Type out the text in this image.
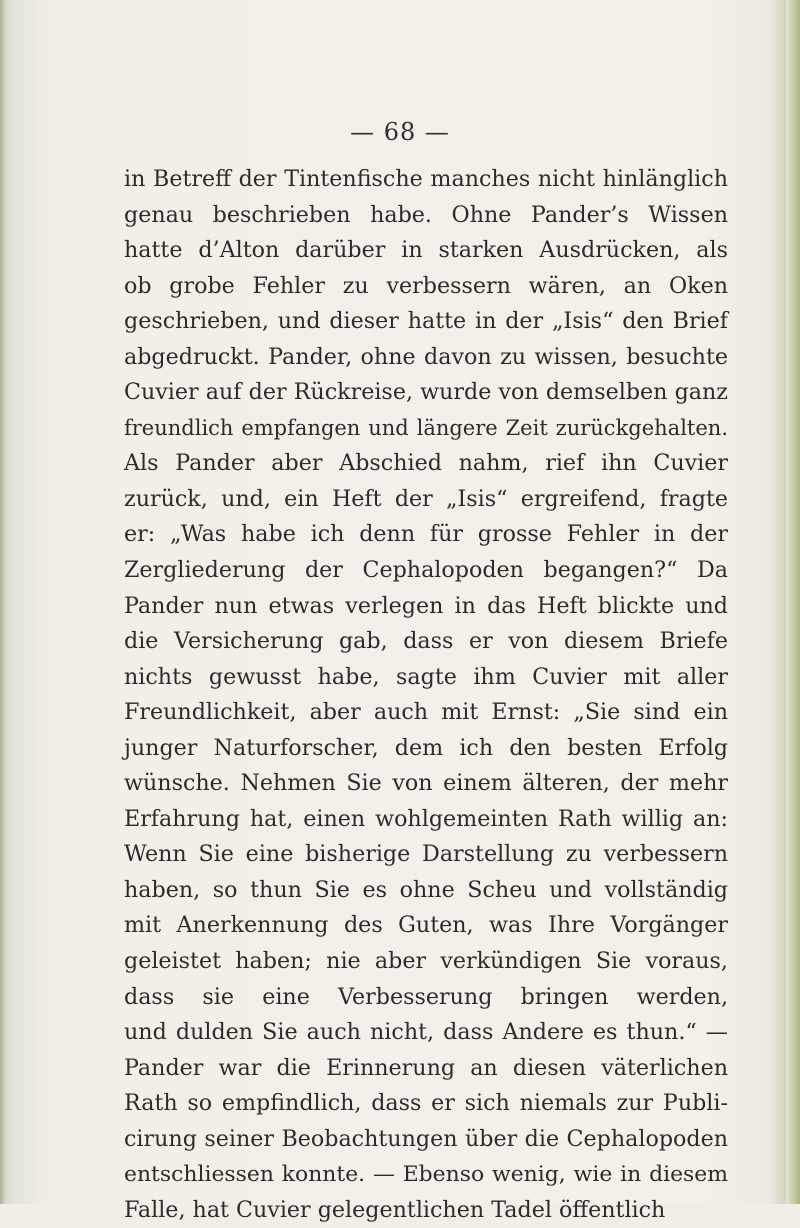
— 68 —
in Betreff der Tintenfische manches nicht hinlänglich
genau beschrieben habe. Ohne Pander’s Wissen
hatte d’Alton darüber in starken Ausdrücken, als
ob grobe Fehler zu verbessern wären, an Oken
geschrieben, und dieser hatte in der „Isis“ den Brief
abgedruckt. Pander, ohne davon zu wissen, besuchte
Cuvier auf der Rückreise, wurde von demselben ganz
freundlich empfangen und längere Zeit zurückgehalten.
Als Pander aber Abschied nahm, rief ihn Cuvier
zurück, und, ein Heft der „Isis“ ergreifend, fragte
er: „Was habe ich denn für grosse Fehler in der
Zergliederung der Cephalopoden begangen?“ Da
Pander nun etwas verlegen in das Heft blickte und
die Versicherung gab, dass er von diesem Briefe
nichts gewusst habe, sagte ihm Cuvier mit aller
Freundlichkeit, aber auch mit Ernst: „Sie sind ein
junger Naturforscher, dem ich den besten Erfolg
wünsche. Nehmen Sie von einem älteren, der mehr
Erfahrung hat, einen wohlgemeinten Rath willig an:
Wenn Sie eine bisherige Darstellung zu verbessern
haben, so thun Sie es ohne Scheu und vollständig
mit Anerkennung des Guten, was Ihre Vorgänger
geleistet haben; nie aber verkündigen Sie voraus,
dass sie eine Verbesserung bringen werden,
und dulden Sie auch nicht, dass Andere es thun.“ —
Pander war die Erinnerung an diesen väterlichen
Rath so empfindlich, dass er sich niemals zur Publi-
cirung seiner Beobachtungen über die Cephalopoden
entschliessen konnte. — Ebenso wenig, wie in diesem
Falle, hat Cuvier gelegentlichen Tadel öffentlich
